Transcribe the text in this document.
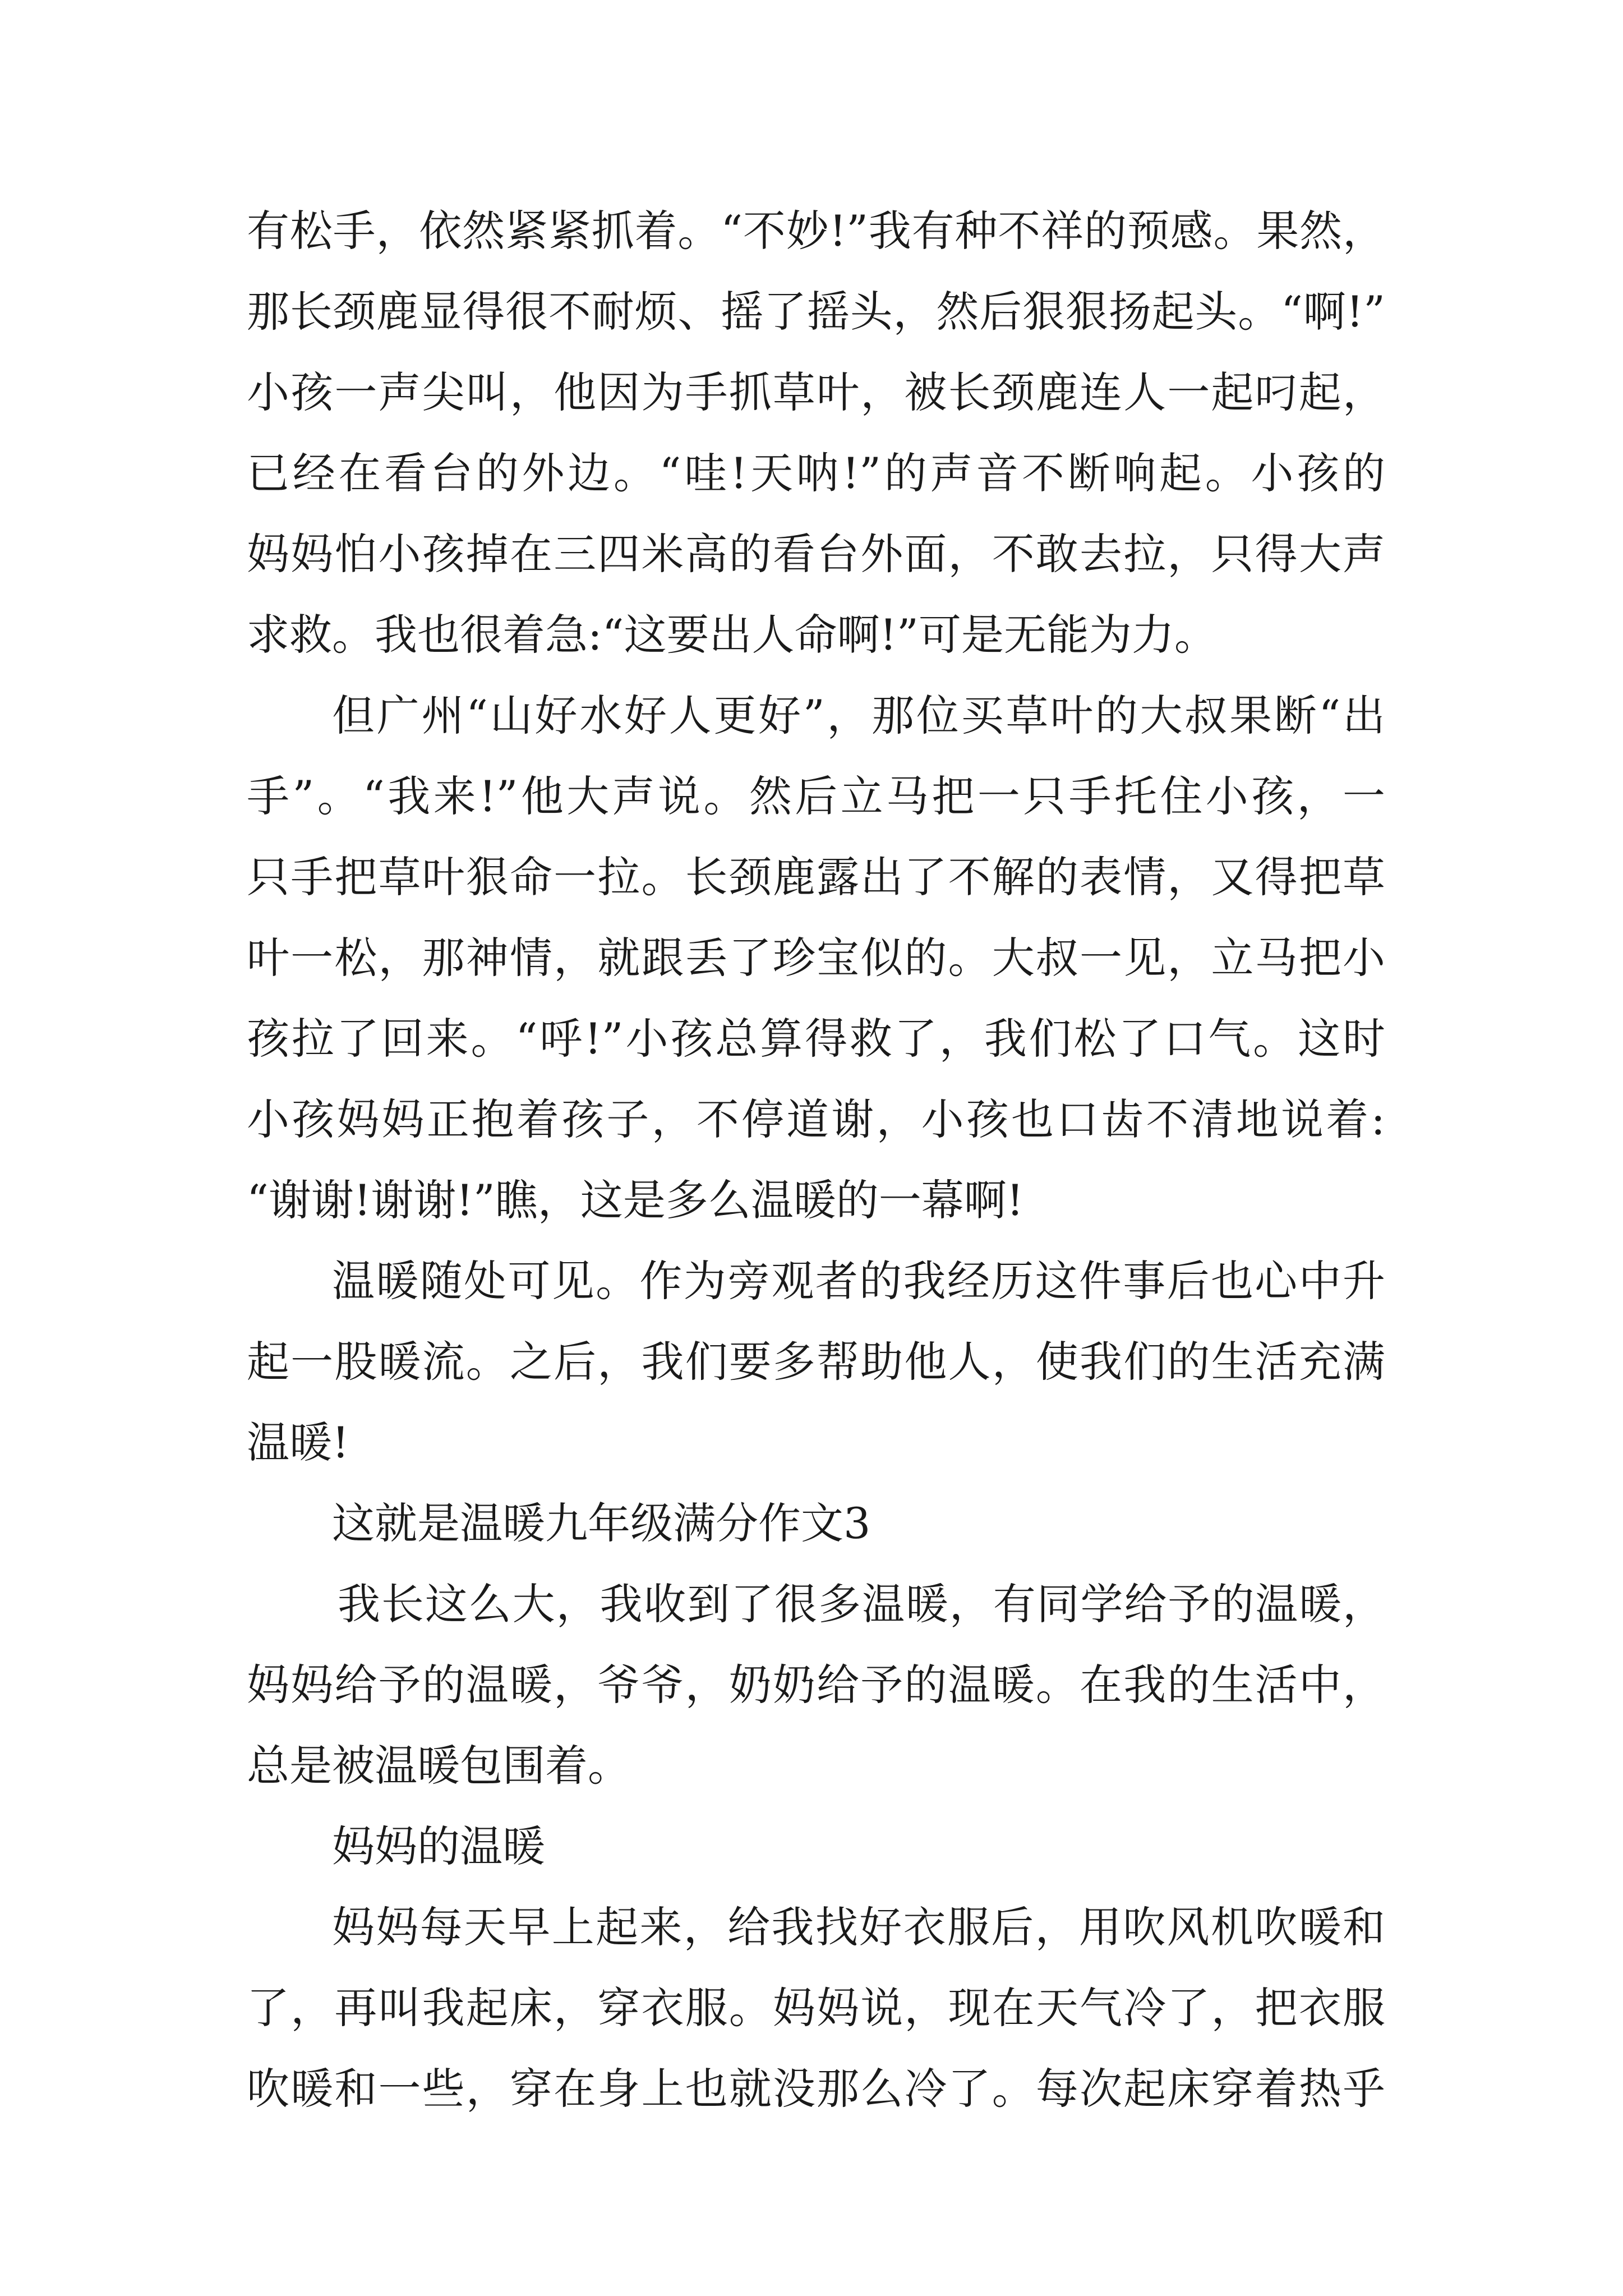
有松手，依然紧紧抓着。“不妙!”我有种不祥的预感。果然，
那长颈鹿显得很不耐烦、摇了摇头，然后狠狠扬起头。“啊!”
小孩一声尖叫，他因为手抓草叶，被长颈鹿连人一起叼起，
已经在看台的外边。“哇!天呐!”的声音不断响起。小孩的
妈妈怕小孩掉在三四米高的看台外面，不敢去拉，只得大声
求救。我也很着急:“这要出人命啊!”可是无能为力。
但广州“山好水好人更好”，那位买草叶的大叔果断“出
手”。“我来!”他大声说。然后立马把一只手托住小孩，一
只手把草叶狠命一拉。长颈鹿露出了不解的表情，又得把草
叶一松，那神情，就跟丢了珍宝似的。大叔一见，立马把小
孩拉了回来。“呼!”小孩总算得救了，我们松了口气。这时
小孩妈妈正抱着孩子，不停道谢，小孩也口齿不清地说着:
“谢谢!谢谢!”瞧，这是多么温暖的一幕啊!
温暖随处可见。作为旁观者的我经历这件事后也心中升
起一股暖流。之后，我们要多帮助他人，使我们的生活充满
温暖!
这就是温暖九年级满分作文3
我长这么大，我收到了很多温暖，有同学给予的温暖，
妈妈给予的温暖，爷爷，奶奶给予的温暖。在我的生活中，
总是被温暖包围着。
妈妈的温暖
妈妈每天早上起来，给我找好衣服后，用吹风机吹暖和
了，再叫我起床，穿衣服。妈妈说，现在天气冷了，把衣服
吹暖和一些，穿在身上也就没那么冷了。每次起床穿着热乎
